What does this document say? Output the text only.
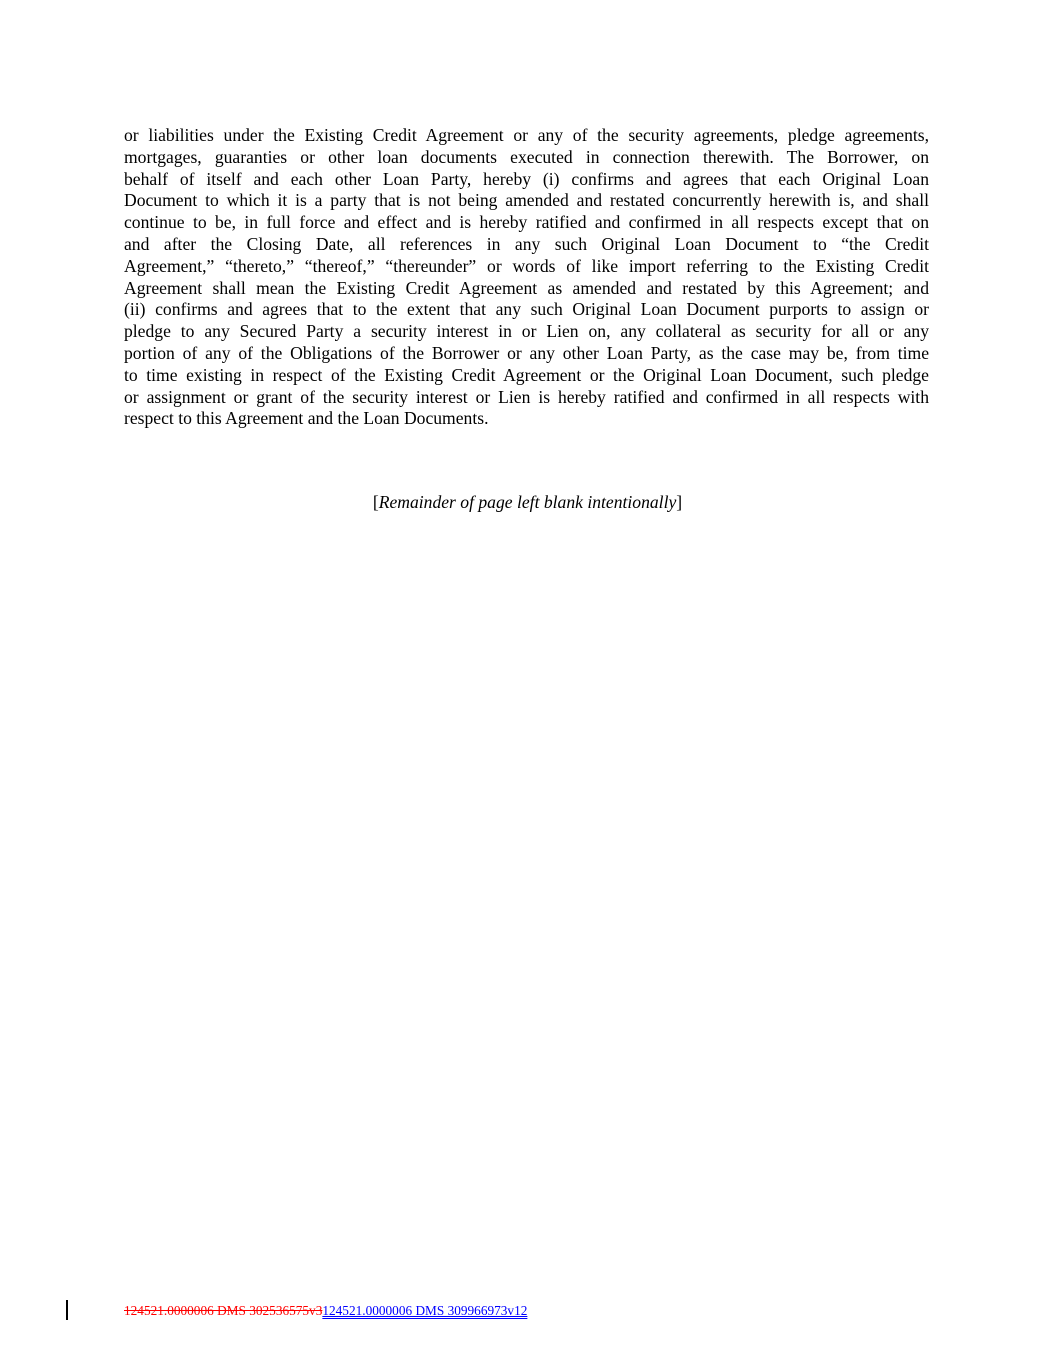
or liabilities under the Existing Credit Agreement or any of the security agreements, pledge agreements,
mortgages, guaranties or other loan documents executed in connection therewith. The Borrower, on
behalf of itself and each other Loan Party, hereby (i) confirms and agrees that each Original Loan
Document to which it is a party that is not being amended and restated concurrently herewith is, and shall
continue to be, in full force and effect and is hereby ratified and confirmed in all respects except that on
and after the Closing Date, all references in any such Original Loan Document to “the Credit
Agreement,” “thereto,” “thereof,” “thereunder” or words of like import referring to the Existing Credit
Agreement shall mean the Existing Credit Agreement as amended and restated by this Agreement; and
(ii) confirms and agrees that to the extent that any such Original Loan Document purports to assign or
pledge to any Secured Party a security interest in or Lien on, any collateral as security for all or any
portion of any of the Obligations of the Borrower or any other Loan Party, as the case may be, from time
to time existing in respect of the Existing Credit Agreement or the Original Loan Document, such pledge
or assignment or grant of the security interest or Lien is hereby ratified and confirmed in all respects with
respect to this Agreement and the Loan Documents.

[Remainder of page left blank intentionally]

124521.0000006 DMS 302536575v3124521.0000006 DMS 309966973v12
